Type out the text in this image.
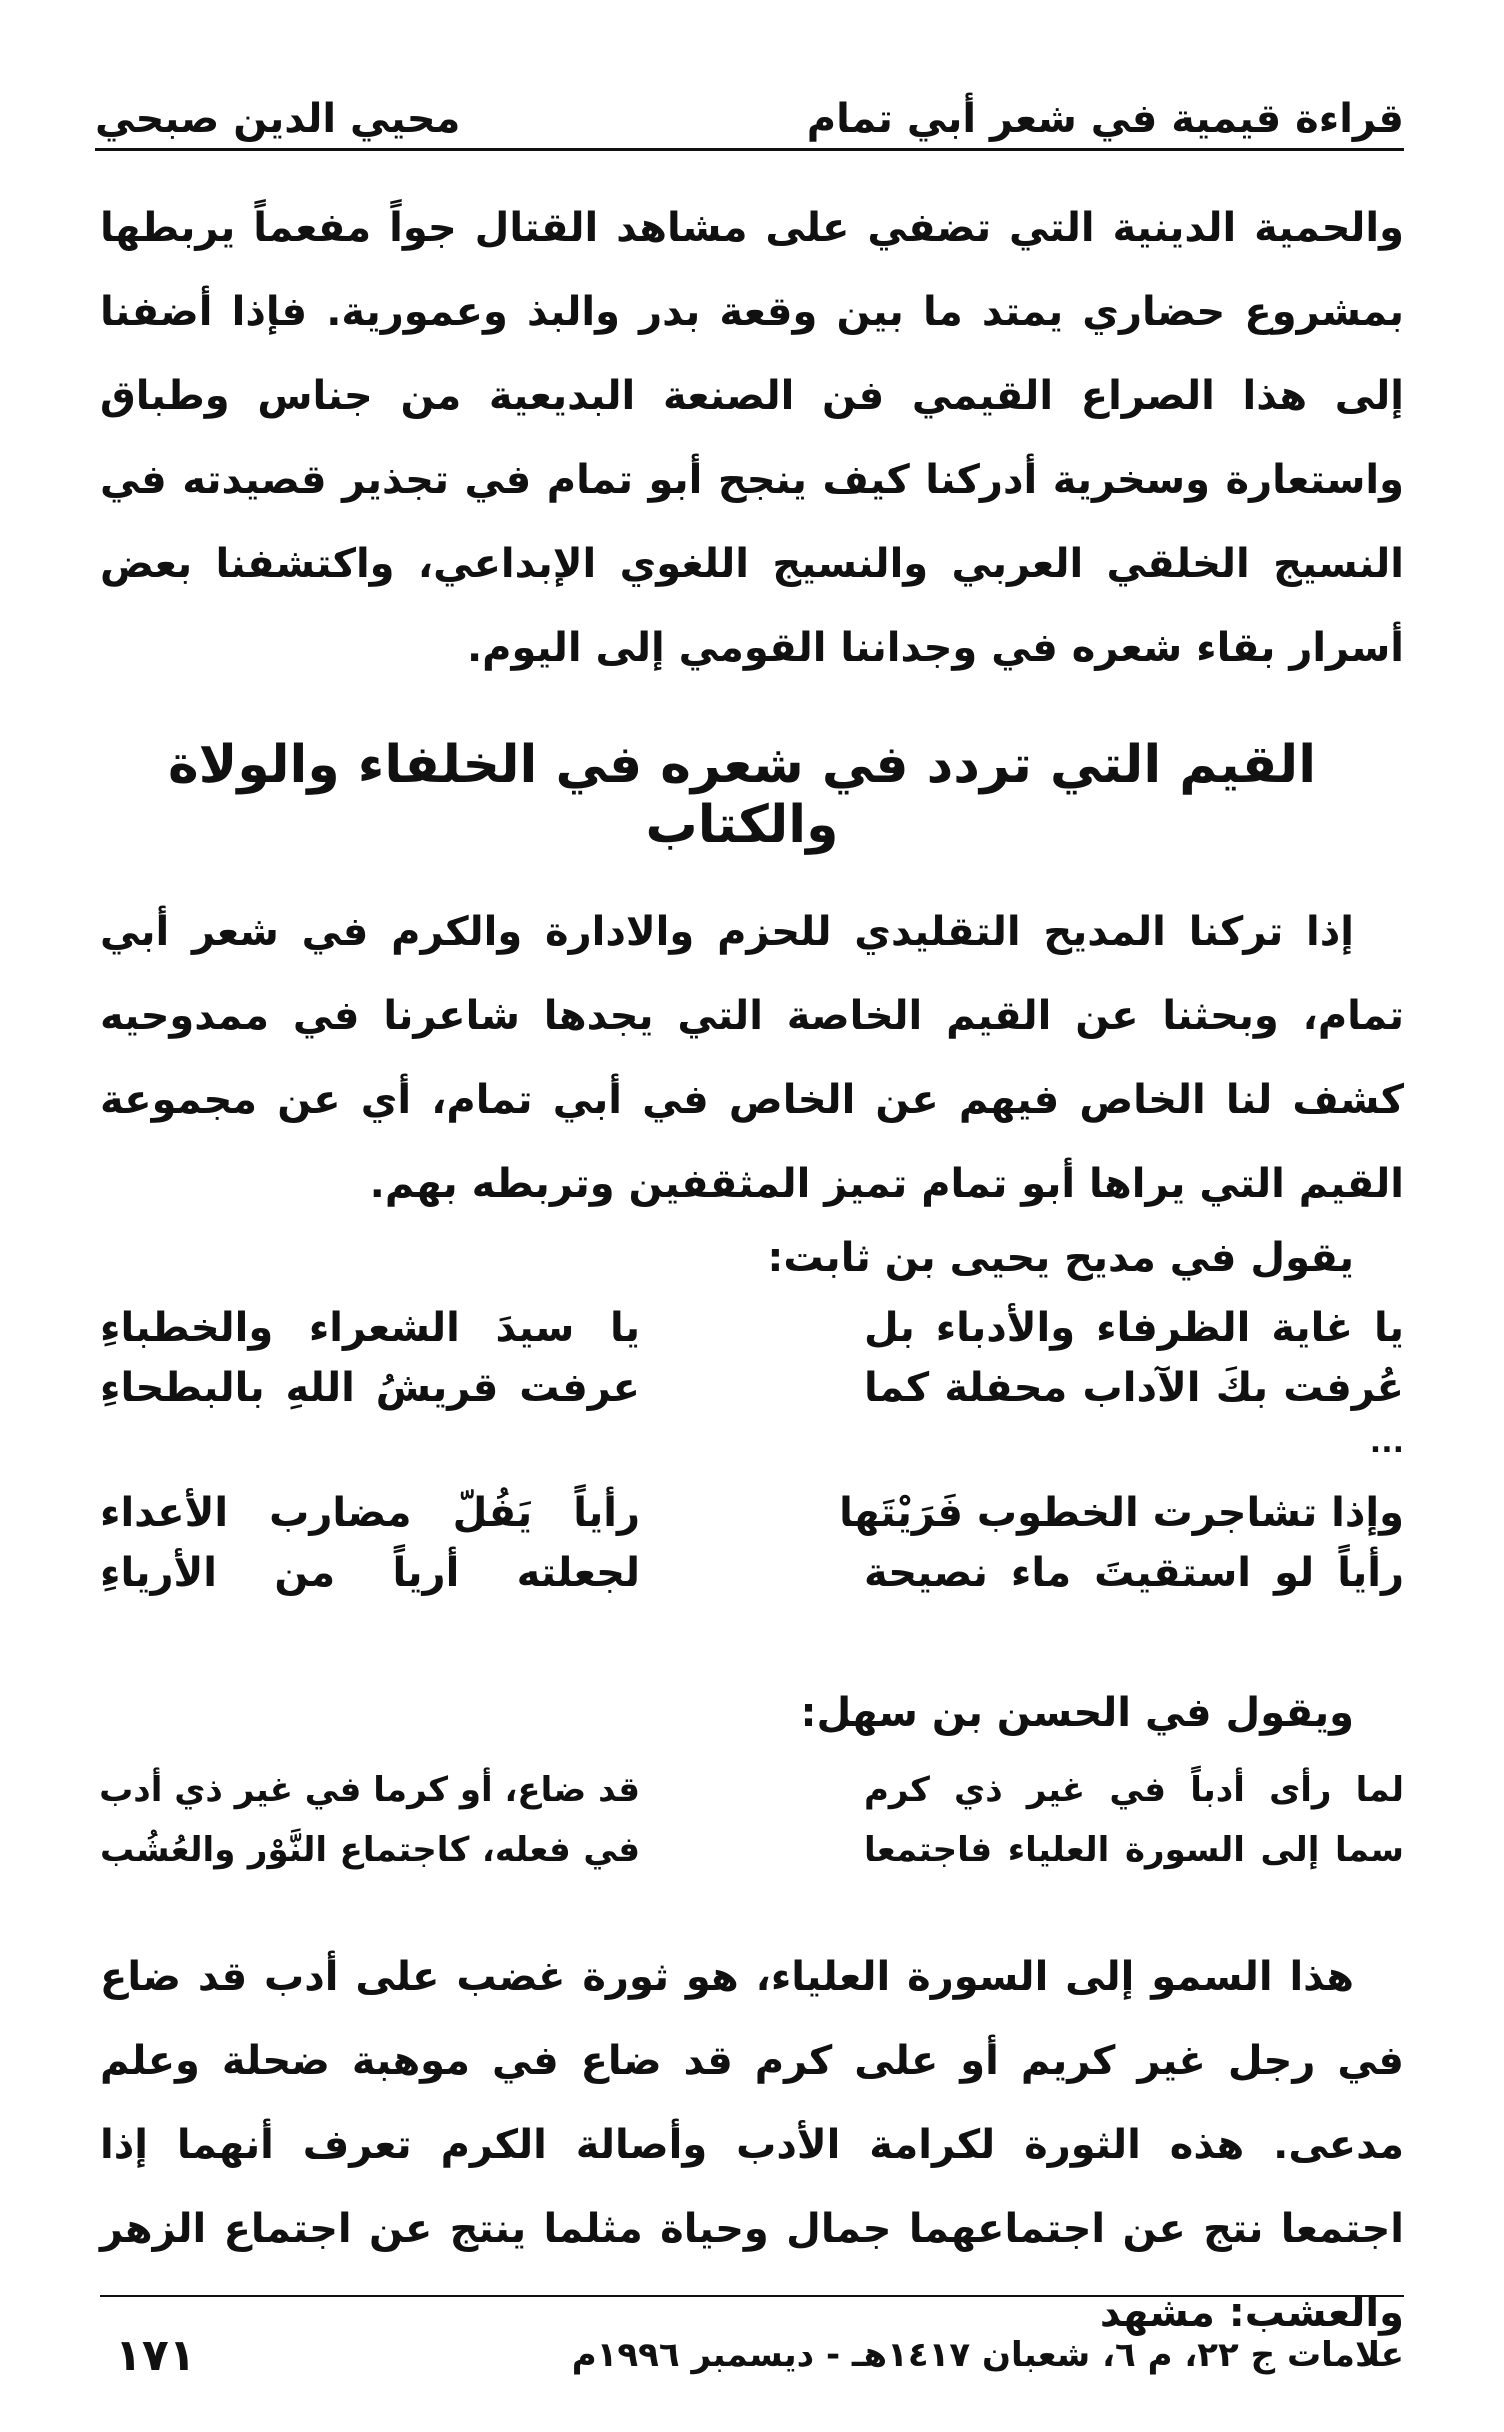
قراءة قيمية في شعر أبي تمام
محيي الدين صبحي
والحمية الدينية التي تضفي على مشاهد القتال جواً مفعماً يربطها بمشروع حضاري يمتد ما بين وقعة بدر والبذ وعمورية. فإذا أضفنا إلى هذا الصراع القيمي فن الصنعة البديعية من جناس وطباق واستعارة وسخرية أدركنا كيف ينجح أبو تمام في تجذير قصيدته في النسيج الخلقي العربي والنسيج اللغوي الإبداعي، واكتشفنا بعض أسرار بقاء شعره في وجداننا القومي إلى اليوم.
القيم التي تردد في شعره في الخلفاء والولاة والكتاب
إذا تركنا المديح التقليدي للحزم والادارة والكرم في شعر أبي تمام، وبحثنا عن القيم الخاصة التي يجدها شاعرنا في ممدوحيه كشف لنا الخاص فيهم عن الخاص في أبي تمام، أي عن مجموعة القيم التي يراها أبو تمام تميز المثقفين وتربطه بهم.
يقول في مديح يحيى بن ثابت:
يا غاية الظرفاء والأدباء بل
يا سيدَ الشعراء والخطباءِ
عُرفت بكَ الآداب محفلة كما
عرفت قريشُ اللهِ بالبطحاءِ
...
وإذا تشاجرت الخطوب فَرَيْتَها
رأياً يَفُلّ مضارب الأعداء
رأياً لو استقيتَ ماء نصيحة
لجعلته أرياً من الأرياءِ
ويقول في الحسن بن سهل:
لما رأى أدباً في غير ذي كرم
قد ضاع، أو كرما في غير ذي أدب
سما إلى السورة العلياء فاجتمعا
في فعله، كاجتماع النَّوْر والعُشُب
هذا السمو إلى السورة العلياء، هو ثورة غضب على أدب قد ضاع في رجل غير كريم أو على كرم قد ضاع في موهبة ضحلة وعلم مدعى. هذه الثورة لكرامة الأدب وأصالة الكرم تعرف أنهما إذا اجتمعا نتج عن اجتماعهما جمال وحياة مثلما ينتج عن اجتماع الزهر والعشب: مشهد
علامات ج ٢٢، م ٦، شعبان ١٤١٧هـ - ديسمبر ١٩٩٦م
١٧١
